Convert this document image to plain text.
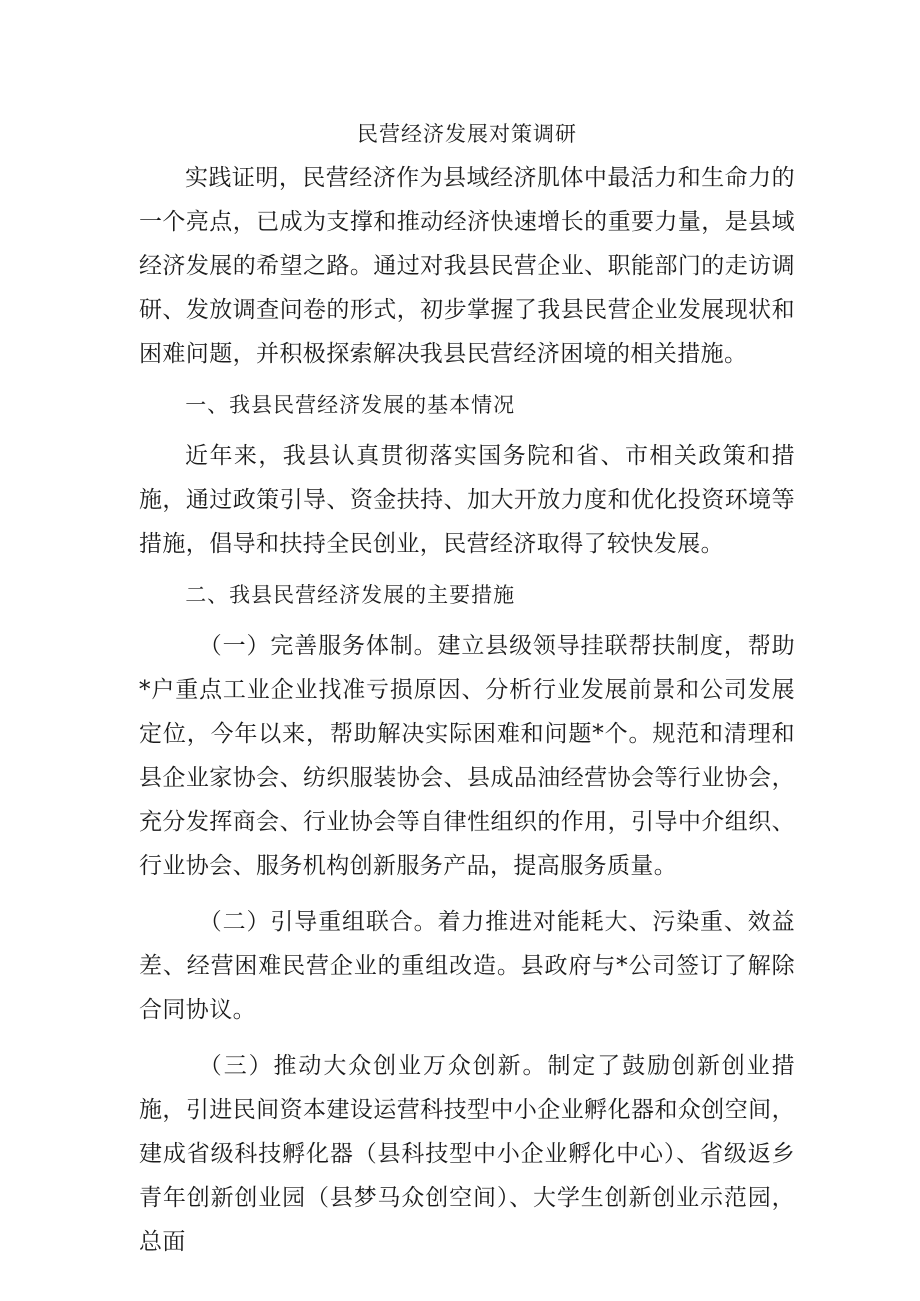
民营经济发展对策调研

实践证明，民营经济作为县域经济肌体中最活力和生命力的一个亮点，已成为支撑和推动经济快速增长的重要力量，是县域经济发展的希望之路。通过对我县民营企业、职能部门的走访调研、发放调查问卷的形式，初步掌握了我县民营企业发展现状和困难问题，并积极探索解决我县民营经济困境的相关措施。

一、我县民营经济发展的基本情况

近年来，我县认真贯彻落实国务院和省、市相关政策和措施，通过政策引导、资金扶持、加大开放力度和优化投资环境等措施，倡导和扶持全民创业，民营经济取得了较快发展。

二、我县民营经济发展的主要措施

（一）完善服务体制。建立县级领导挂联帮扶制度，帮助*户重点工业企业找准亏损原因、分析行业发展前景和公司发展定位，今年以来，帮助解决实际困难和问题*个。规范和清理和县企业家协会、纺织服装协会、县成品油经营协会等行业协会，充分发挥商会、行业协会等自律性组织的作用，引导中介组织、行业协会、服务机构创新服务产品，提高服务质量。

（二）引导重组联合。着力推进对能耗大、污染重、效益差、经营困难民营企业的重组改造。县政府与*公司签订了解除合同协议。

（三）推动大众创业万众创新。制定了鼓励创新创业措施，引进民间资本建设运营科技型中小企业孵化器和众创空间，建成省级科技孵化器（县科技型中小企业孵化中心）、省级返乡青年创新创业园（县梦马众创空间）、大学生创新创业示范园，总面
